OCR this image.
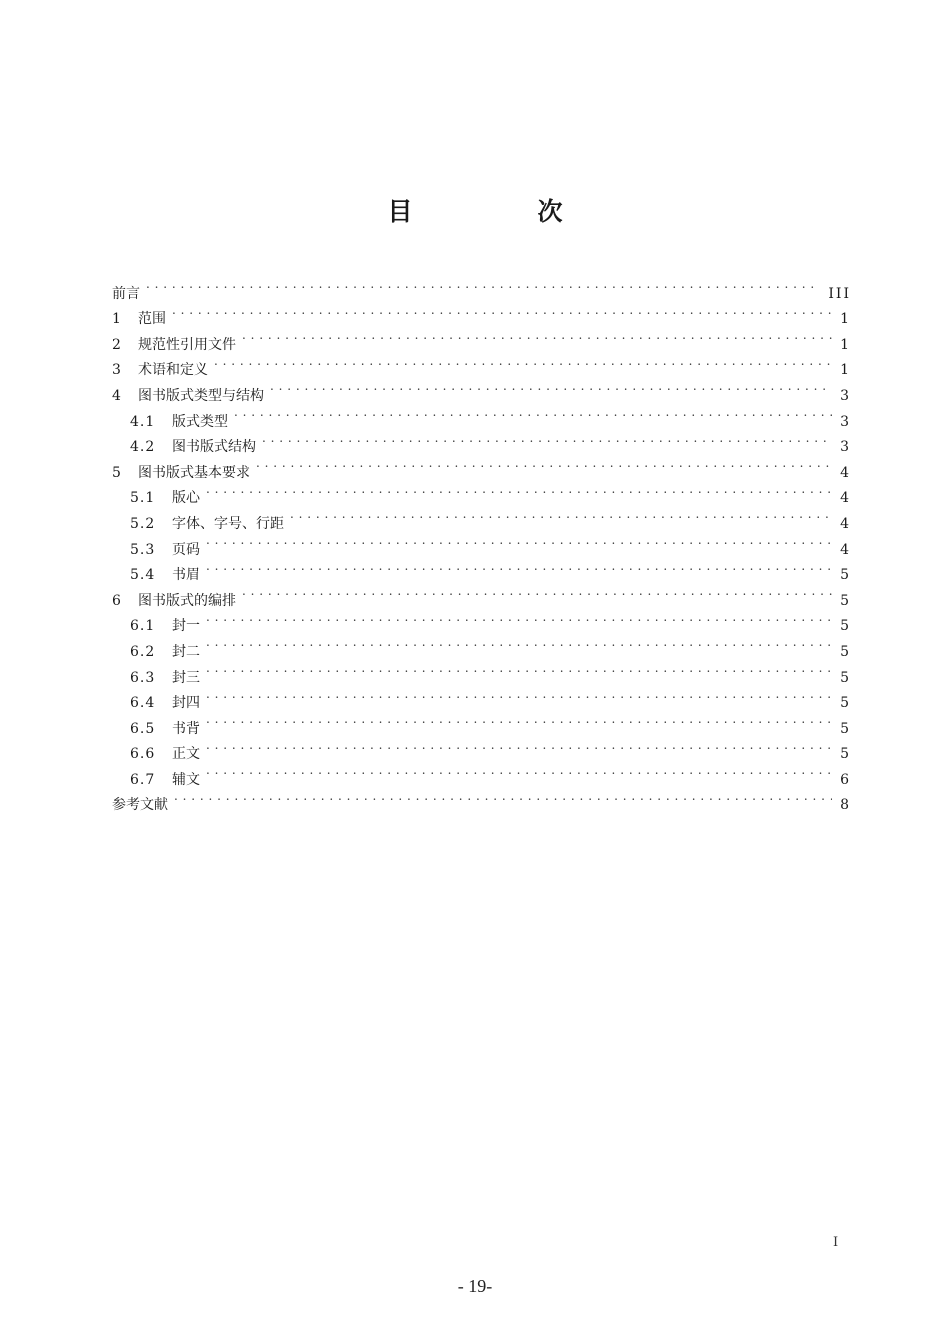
目　次
前言 . . .	III
1	范围 . . .	1
2	规范性引用文件 . . .	1
3	术语和定义 . . .	1
4	图书版式类型与结构 . . .	3
4.1	版式类型 . . .	3
4.2	图书版式结构 . . .	3
5	图书版式基本要求 . . .	4
5.1	版心 . . .	4
5.2	字体、字号、行距 . . .	4
5.3	页码 . . .	4
5.4	书眉 . . .	5
6	图书版式的编排 . . .	5
6.1	封一 . . .	5
6.2	封二 . . .	5
6.3	封三 . . .	5
6.4	封四 . . .	5
6.5	书背 . . .	5
6.6	正文 . . .	5
6.7	辅文 . . .	6
参考文献 . . .	8
I
- 19-
